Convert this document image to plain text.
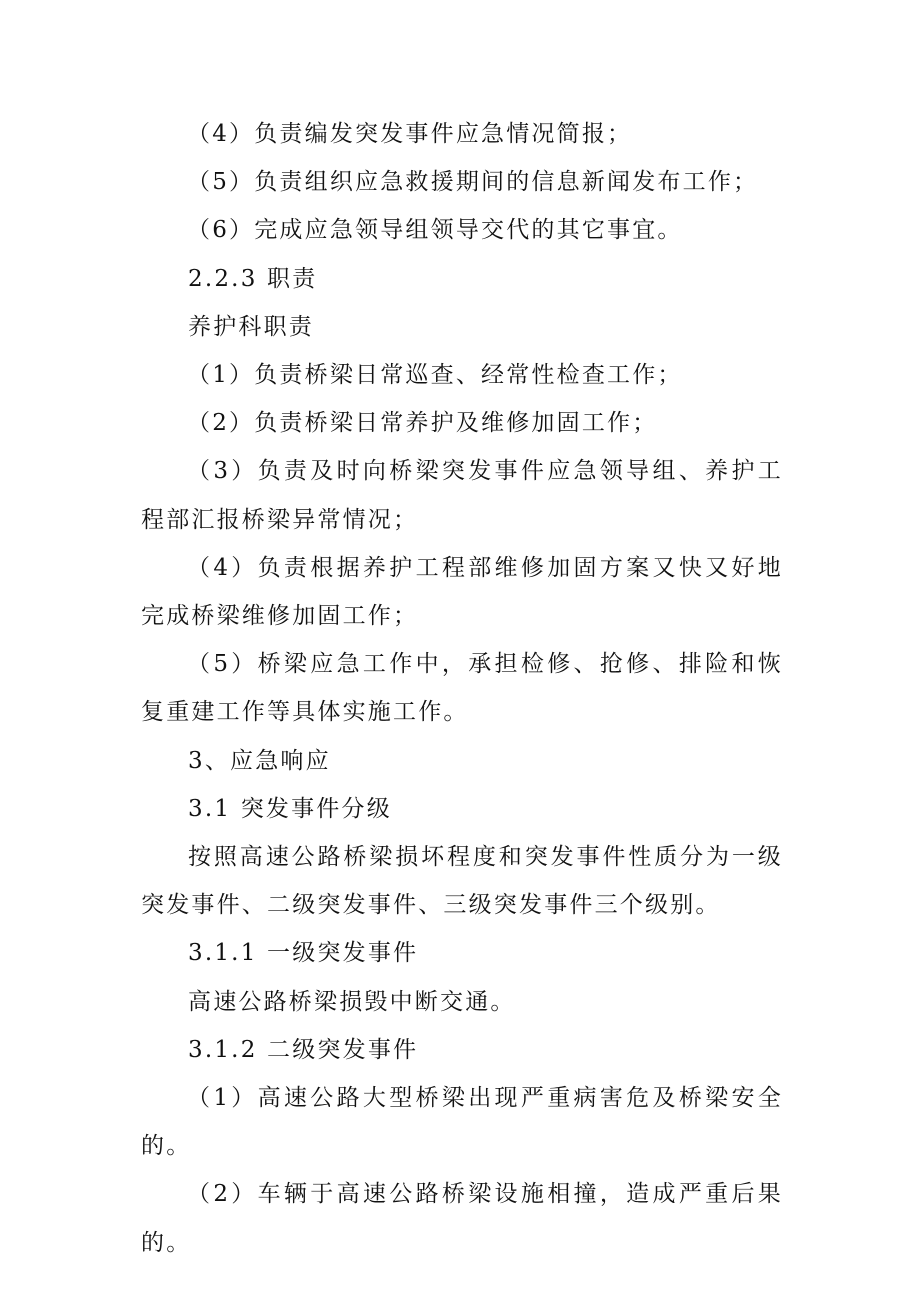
（4）负责编发突发事件应急情况简报；

（5）负责组织应急救援期间的信息新闻发布工作；

（6）完成应急领导组领导交代的其它事宜。

2.2.3 职责

养护科职责

（1）负责桥梁日常巡查、经常性检查工作；

（2）负责桥梁日常养护及维修加固工作；

（3）负责及时向桥梁突发事件应急领导组、养护工程部汇报桥梁异常情况；

（4）负责根据养护工程部维修加固方案又快又好地完成桥梁维修加固工作；

（5）桥梁应急工作中，承担检修、抢修、排险和恢复重建工作等具体实施工作。

3、应急响应

3.1 突发事件分级

按照高速公路桥梁损坏程度和突发事件性质分为一级突发事件、二级突发事件、三级突发事件三个级别。

3.1.1 一级突发事件

高速公路桥梁损毁中断交通。

3.1.2 二级突发事件

（1）高速公路大型桥梁出现严重病害危及桥梁安全的。

（2）车辆于高速公路桥梁设施相撞，造成严重后果的。
